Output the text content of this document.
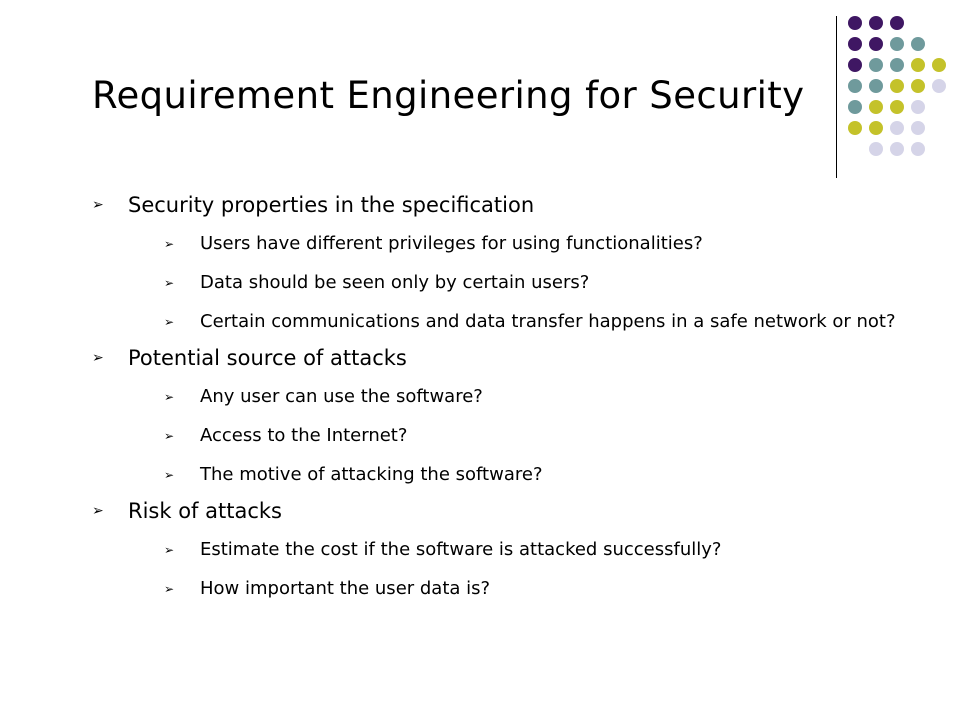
Requirement Engineering for Security
➢ Security properties in the specification
➢ Users have different privileges for using functionalities?
➢ Data should be seen only by certain users?
➢ Certain communications and data transfer happens in a safe network or not?
➢ Potential source of attacks
➢ Any user can use the software?
➢ Access to the Internet?
➢ The motive of attacking the software?
➢ Risk of attacks
➢ Estimate the cost if the software is attacked successfully?
➢ How important the user data is?
